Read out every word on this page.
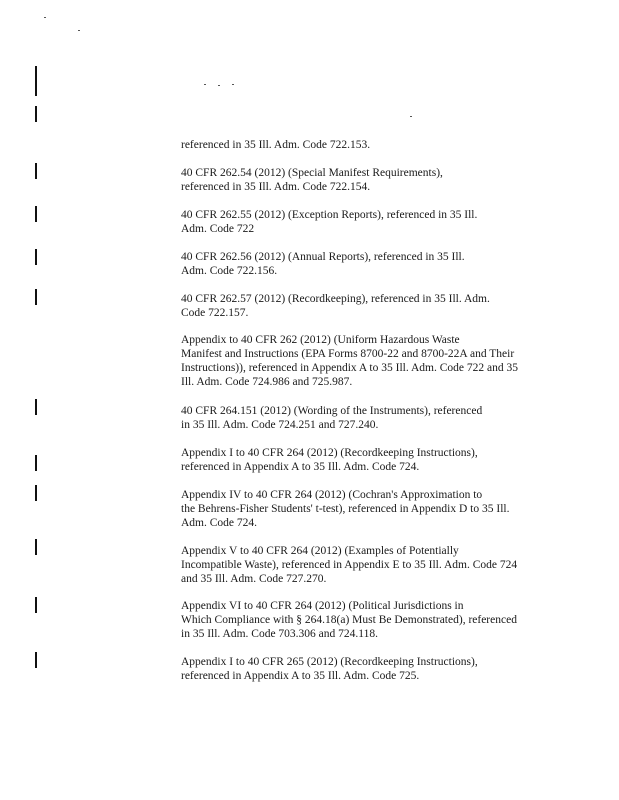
referenced in 35 Ill. Adm. Code 722.153.

40 CFR 262.54 (2012) (Special Manifest Requirements),
referenced in 35 Ill. Adm. Code 722.154.

40 CFR 262.55 (2012) (Exception Reports), referenced in 35 Ill.
Adm. Code 722

40 CFR 262.56 (2012) (Annual Reports), referenced in 35 Ill.
Adm. Code 722.156.

40 CFR 262.57 (2012) (Recordkeeping), referenced in 35 Ill. Adm.
Code 722.157.

Appendix to 40 CFR 262 (2012) (Uniform Hazardous Waste
Manifest and Instructions (EPA Forms 8700-22 and 8700-22A and Their
Instructions)), referenced in Appendix A to 35 Ill. Adm. Code 722 and 35
Ill. Adm. Code 724.986 and 725.987.

40 CFR 264.151 (2012) (Wording of the Instruments), referenced
in 35 Ill. Adm. Code 724.251 and 727.240.

Appendix I to 40 CFR 264 (2012) (Recordkeeping Instructions),
referenced in Appendix A to 35 Ill. Adm. Code 724.

Appendix IV to 40 CFR 264 (2012) (Cochran's Approximation to
the Behrens-Fisher Students' t-test), referenced in Appendix D to 35 Ill.
Adm. Code 724.

Appendix V to 40 CFR 264 (2012) (Examples of Potentially
Incompatible Waste), referenced in Appendix E to 35 Ill. Adm. Code 724
and 35 Ill. Adm. Code 727.270.

Appendix VI to 40 CFR 264 (2012) (Political Jurisdictions in
Which Compliance with § 264.18(a) Must Be Demonstrated), referenced
in 35 Ill. Adm. Code 703.306 and 724.118.

Appendix I to 40 CFR 265 (2012) (Recordkeeping Instructions),
referenced in Appendix A to 35 Ill. Adm. Code 725.
